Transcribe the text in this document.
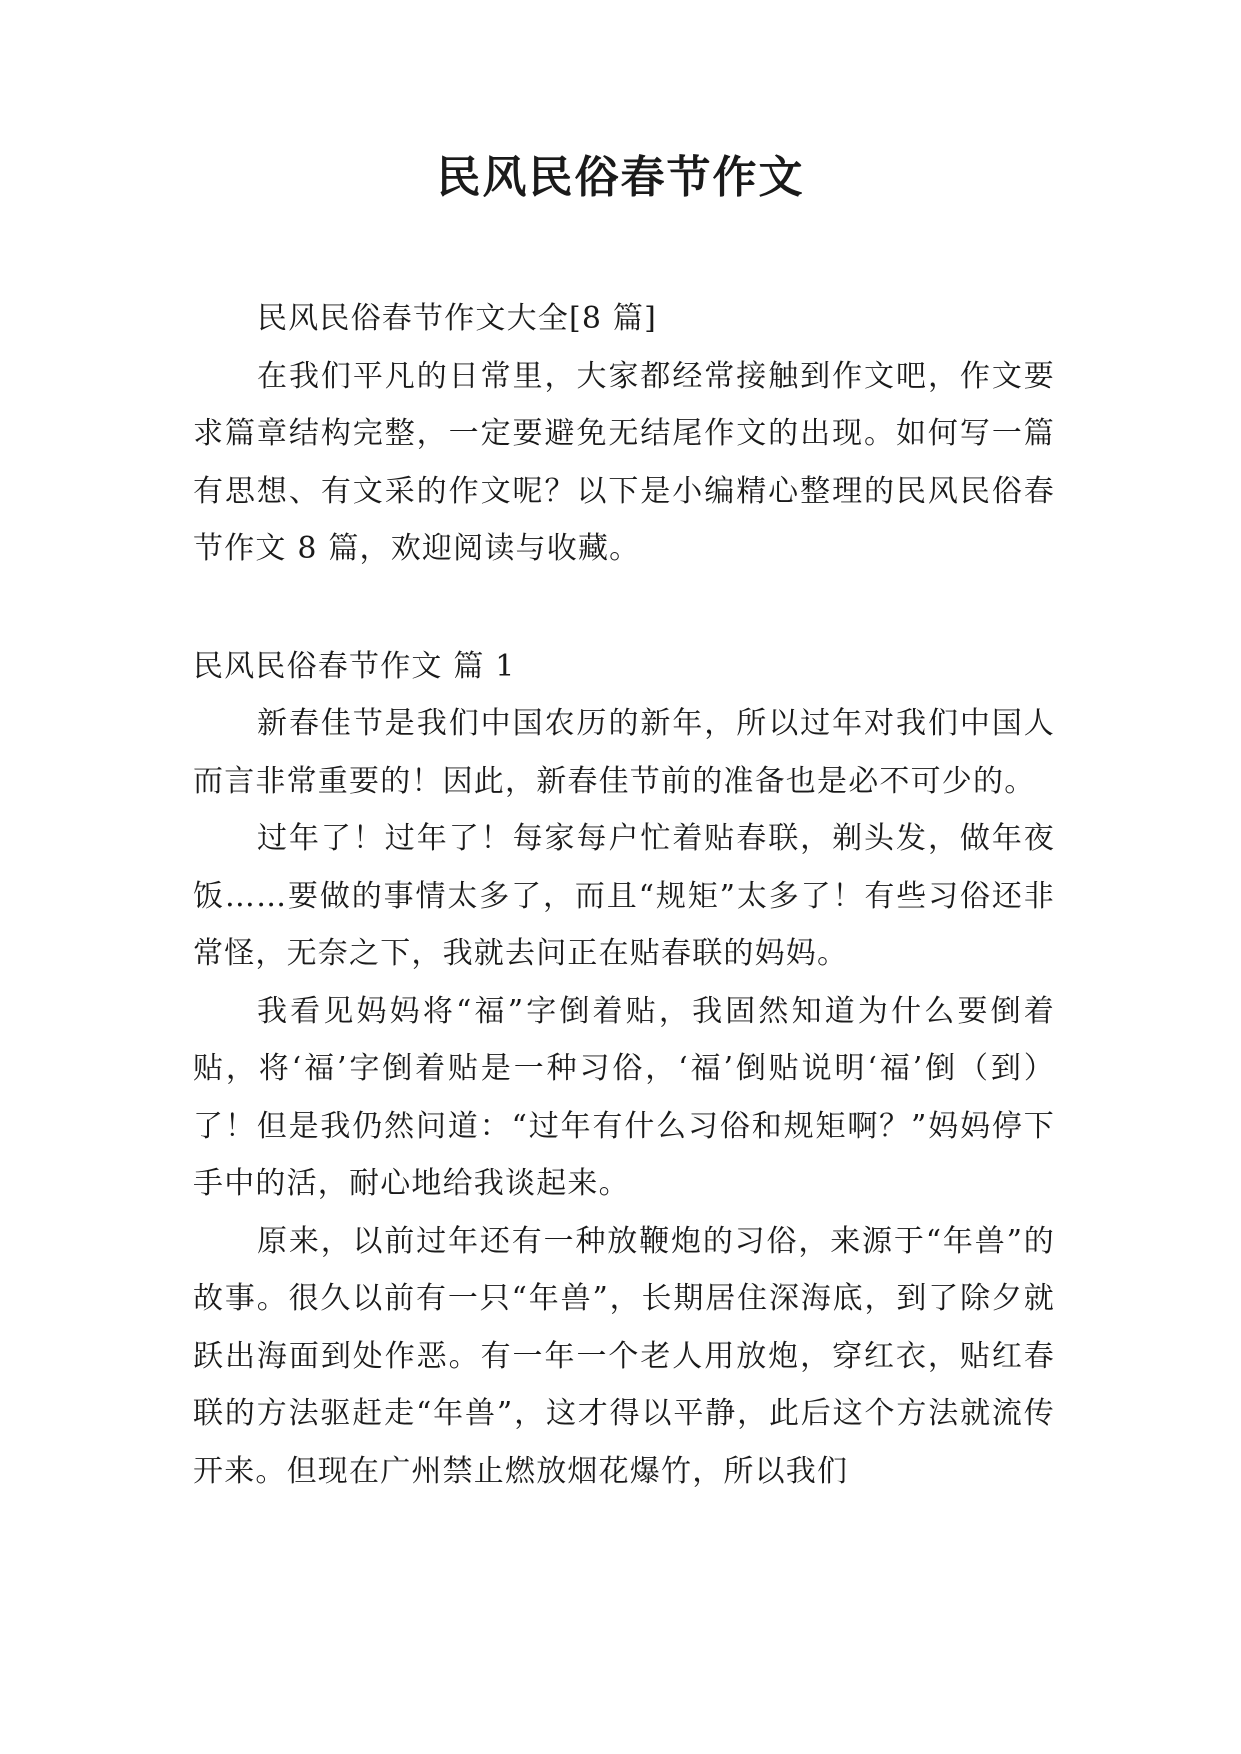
民风民俗春节作文

民风民俗春节作文大全[8 篇]

在我们平凡的日常里，大家都经常接触到作文吧，作文要求篇章结构完整，一定要避免无结尾作文的出现。如何写一篇有思想、有文采的作文呢？以下是小编精心整理的民风民俗春节作文 8 篇，欢迎阅读与收藏。

民风民俗春节作文 篇 1

新春佳节是我们中国农历的新年，所以过年对我们中国人而言非常重要的！因此，新春佳节前的准备也是必不可少的。

过年了！过年了！每家每户忙着贴春联，剃头发，做年夜饭……要做的事情太多了，而且“规矩”太多了！有些习俗还非常怪，无奈之下，我就去问正在贴春联的妈妈。

我看见妈妈将“福”字倒着贴，我固然知道为什么要倒着贴，将‘福’字倒着贴是一种习俗，‘福’倒贴说明‘福’倒（到）了！但是我仍然问道：“过年有什么习俗和规矩啊？”妈妈停下手中的活，耐心地给我谈起来。

原来，以前过年还有一种放鞭炮的习俗，来源于“年兽”的故事。很久以前有一只“年兽”，长期居住深海底，到了除夕就跃出海面到处作恶。有一年一个老人用放炮，穿红衣，贴红春联的方法驱赶走“年兽”，这才得以平静，此后这个方法就流传开来。但现在广州禁止燃放烟花爆竹，所以我们
